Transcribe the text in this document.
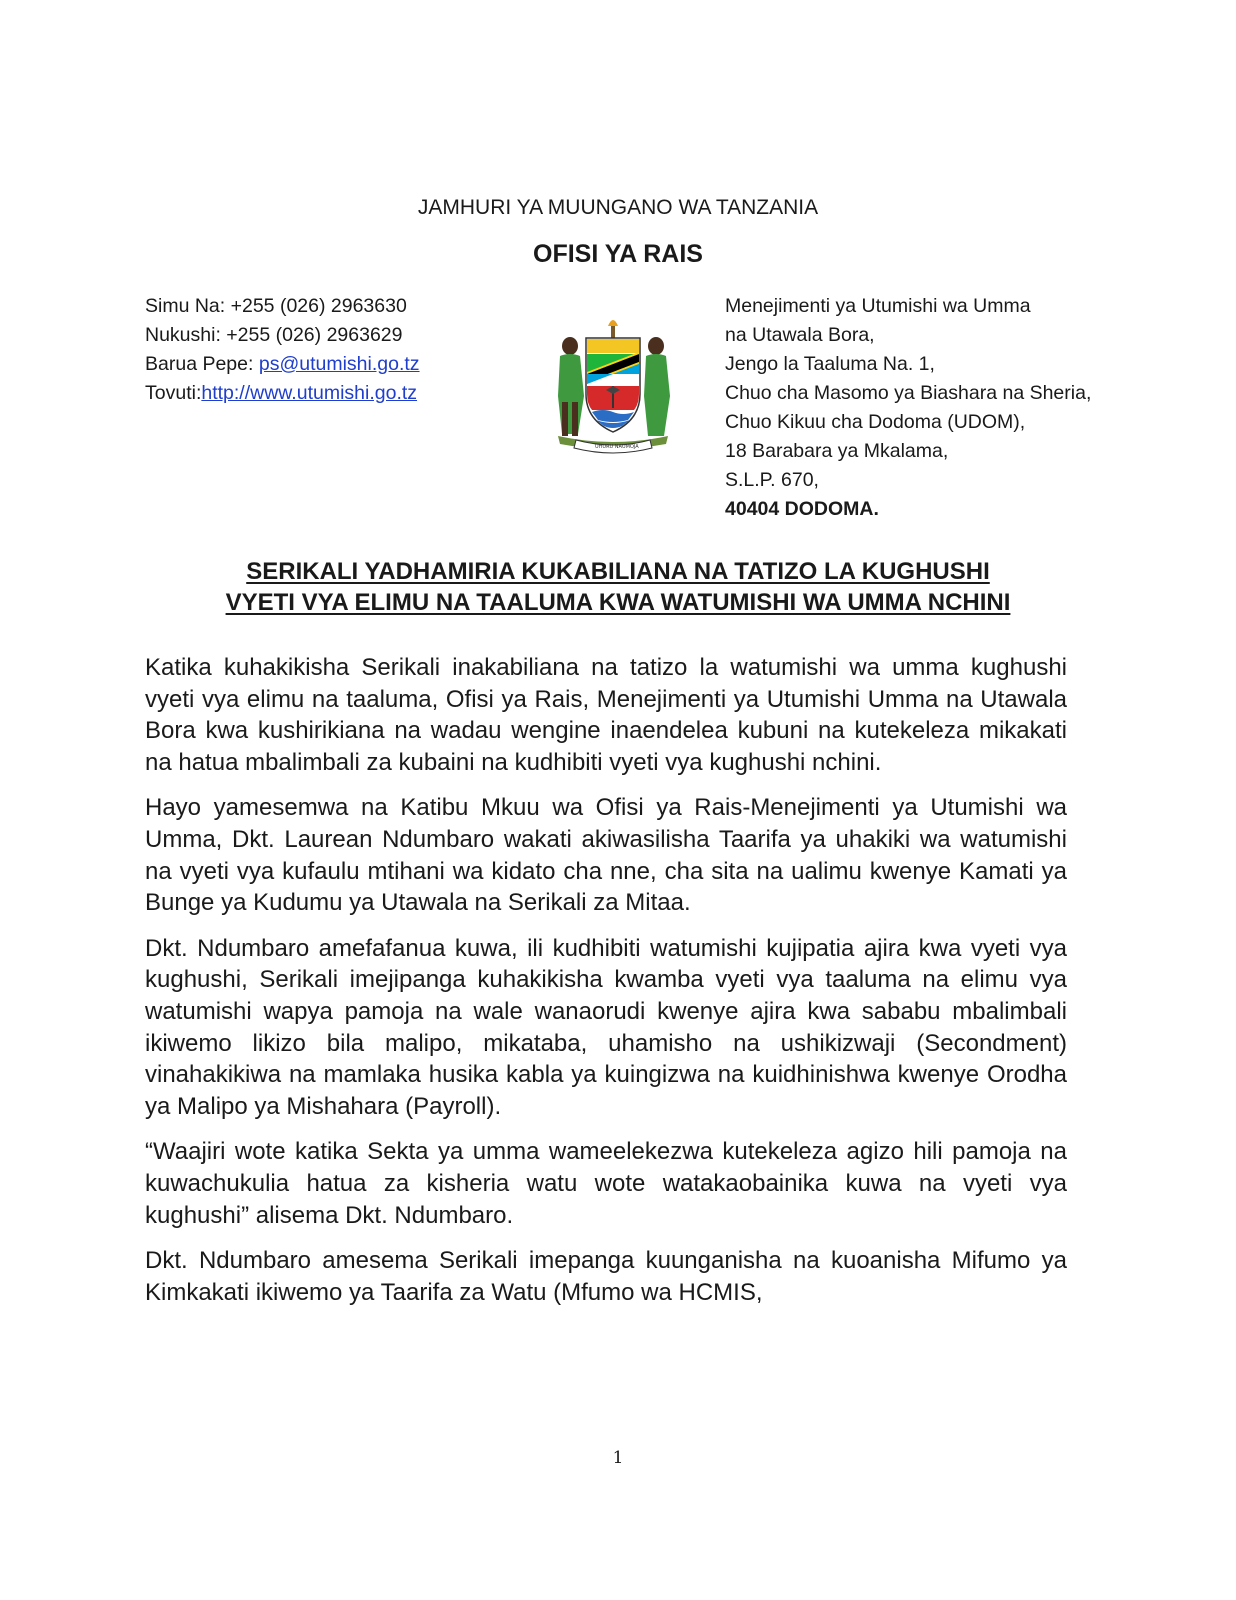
JAMHURI YA MUUNGANO WA TANZANIA
OFISI YA RAIS
Simu Na: +255 (026) 2963630
Nukushi: +255 (026) 2963629
Barua Pepe: ps@utumishi.go.tz
Tovuti:http://www.utumishi.go.tz
UHURU NA UMOJA
Menejimenti ya Utumishi wa Umma
na Utawala Bora,
Jengo la Taaluma Na. 1,
Chuo cha Masomo ya Biashara na Sheria,
Chuo Kikuu cha Dodoma (UDOM),
18 Barabara ya Mkalama,
S.L.P. 670,
40404 DODOMA.
SERIKALI YADHAMIRIA KUKABILIANA NA TATIZO LA KUGHUSHI
VYETI VYA ELIMU NA TAALUMA KWA WATUMISHI WA UMMA NCHINI

Katika kuhakikisha Serikali inakabiliana na tatizo la watumishi wa umma kughushi vyeti vya elimu na taaluma, Ofisi ya Rais, Menejimenti ya Utumishi Umma na Utawala Bora kwa kushirikiana na wadau wengine inaendelea kubuni na kutekeleza mikakati na hatua mbalimbali za kubaini na kudhibiti vyeti vya kughushi nchini.

Hayo yamesemwa na Katibu Mkuu wa Ofisi ya Rais-Menejimenti ya Utumishi wa Umma, Dkt. Laurean Ndumbaro wakati akiwasilisha Taarifa ya uhakiki wa watumishi na vyeti vya kufaulu mtihani wa kidato cha nne, cha sita na ualimu kwenye Kamati ya Bunge ya Kudumu ya Utawala na Serikali za Mitaa.

Dkt. Ndumbaro amefafanua kuwa, ili kudhibiti watumishi kujipatia ajira kwa vyeti vya kughushi, Serikali imejipanga kuhakikisha kwamba vyeti vya taaluma na elimu vya watumishi wapya pamoja na wale wanaorudi kwenye ajira kwa sababu mbalimbali ikiwemo likizo bila malipo, mikataba, uhamisho na ushikizwaji (Secondment) vinahakikiwa na mamlaka husika kabla ya kuingizwa na kuidhinishwa kwenye Orodha ya Malipo ya Mishahara (Payroll).

“Waajiri wote katika Sekta ya umma wameelekezwa kutekeleza agizo hili pamoja na kuwachukulia hatua za kisheria watu wote watakaobainika kuwa na vyeti vya kughushi” alisema Dkt. Ndumbaro.

Dkt. Ndumbaro amesema Serikali imepanga kuunganisha na kuoanisha Mifumo ya Kimkakati ikiwemo ya Taarifa za Watu (Mfumo wa HCMIS,

1
